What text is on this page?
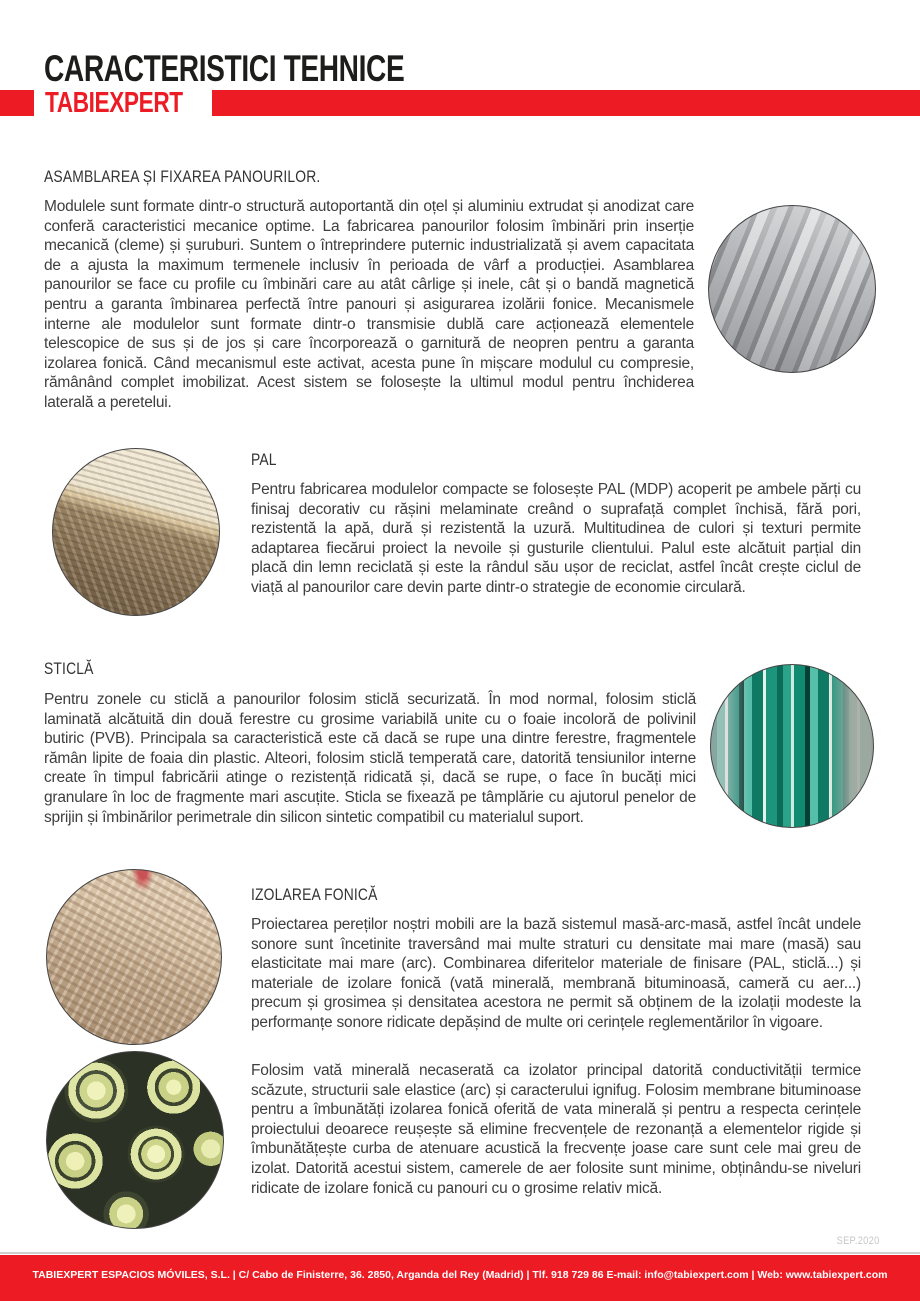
CARACTERISTICI TEHNICE
TABIEXPERT
ASAMBLAREA ȘI FIXAREA PANOURILOR.

Modulele sunt formate dintr-o structură autoportantă din oțel și aluminiu extrudat și anodizat care conferă caracteristici mecanice optime. La fabricarea panourilor folosim îmbinări prin inserție mecanică (cleme) și șuruburi. Suntem o întreprindere puternic industrializată și avem capacitata de a ajusta la maximum termenele inclusiv în perioada de vârf a producției. Asamblarea panourilor se face cu profile cu îmbinări care au atât cârlige și inele, cât și o bandă magnetică pentru a garanta îmbinarea perfectă între panouri și asigurarea izolării fonice. Mecanismele interne ale modulelor sunt formate dintr-o transmisie dublă care acționează elementele telescopice de sus și de jos și care încorporează o garnitură de neopren pentru a garanta izolarea fonică. Când mecanismul este activat, acesta pune în mișcare modulul cu compresie, rămânând complet imobilizat. Acest sistem se folosește la ultimul modul pentru închiderea laterală a peretelui.

PAL

Pentru fabricarea modulelor compacte se folosește PAL (MDP) acoperit pe ambele părți cu finisaj decorativ cu rășini melaminate creând o suprafață complet închisă, fără pori, rezistentă la apă, dură și rezistentă la uzură. Multitudinea de culori și texturi permite adaptarea fiecărui proiect la nevoile și gusturile clientului. Palul este alcătuit parțial din placă din lemn reciclată și este la rândul său ușor de reciclat, astfel încât crește ciclul de viață al panourilor care devin parte dintr-o strategie de economie circulară.

STICLĂ

Pentru zonele cu sticlă a panourilor folosim sticlă securizată. În mod normal, folosim sticlă laminată alcătuită din două ferestre cu grosime variabilă unite cu o foaie incoloră de polivinil butiric (PVB). Principala sa caracteristică este că dacă se rupe una dintre ferestre, fragmentele rămân lipite de foaia din plastic. Alteori, folosim sticlă temperată care, datorită tensiunilor interne create în timpul fabricării atinge o rezistență ridicată și, dacă se rupe, o face în bucăți mici granulare în loc de fragmente mari ascuțite. Sticla se fixează pe tâmplărie cu ajutorul penelor de sprijin și îmbinărilor perimetrale din silicon sintetic compatibil cu materialul suport.

IZOLAREA FONICĂ

Proiectarea pereților noștri mobili are la bază sistemul masă-arc-masă, astfel încât undele sonore sunt încetinite traversând mai multe straturi cu densitate mai mare (masă) sau elasticitate mai mare (arc). Combinarea diferitelor materiale de finisare (PAL, sticlă...) și materiale de izolare fonică (vată minerală, membrană bituminoasă, cameră cu aer...) precum și grosimea și densitatea acestora ne permit să obținem de la izolații modeste la performanțe sonore ridicate depășind de multe ori cerințele reglementărilor în vigoare.

Folosim vată minerală necaserată ca izolator principal datorită conductivității termice scăzute, structurii sale elastice (arc) și caracterului ignifug. Folosim membrane bituminoase pentru a îmbunătăți izolarea fonică oferită de vata minerală și pentru a respecta cerințele proiectului deoarece reușește să elimine frecvențele de rezonanță a elementelor rigide și îmbunătățește curba de atenuare acustică la frecvențe joase care sunt cele mai greu de izolat. Datorită acestui sistem, camerele de aer folosite sunt minime, obținându-se niveluri ridicate de izolare fonică cu panouri cu o grosime relativ mică.

SEP.2020
TABIEXPERT ESPACIOS MÓVILES, S.L. | C/ Cabo de Finisterre, 36. 2850, Arganda del Rey (Madrid) | Tlf. 918 729 86 E-mail: info@tabiexpert.com | Web: www.tabiexpert.com
